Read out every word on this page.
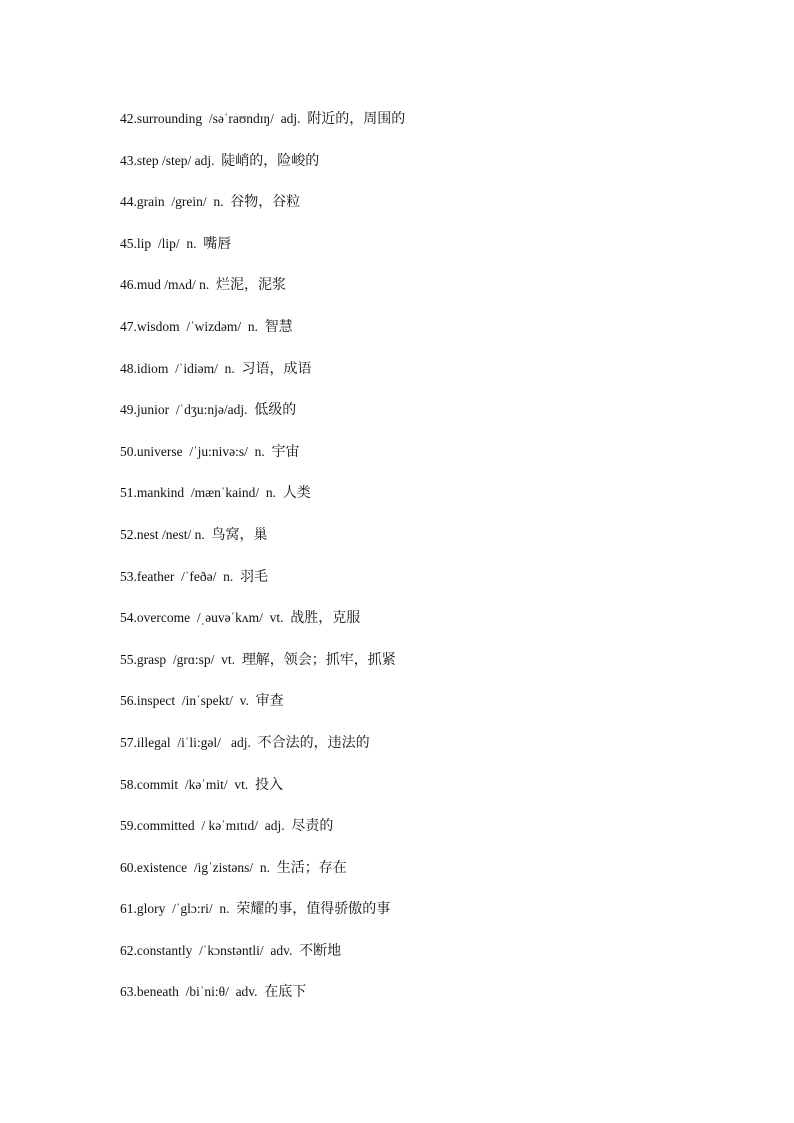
42.surrounding  /səˈraʊndɪŋ/  adj.  附近的，周围的
43.step /step/ adj.  陡峭的，险峻的
44.grain  /grein/  n.  谷物，谷粒
45.lip  /lip/  n.  嘴唇
46.mud /mʌd/ n.  烂泥，泥浆
47.wisdom  /ˈwizdəm/  n.  智慧
48.idiom  /ˈidiəm/  n.  习语，成语
49.junior  /ˈdʒu:njə/adj.  低级的
50.universe  /ˈju:nivə:s/  n.  宇宙
51.mankind  /mænˈkaind/  n.  人类
52.nest /nest/ n.  鸟窝，巢
53.feather  /ˈfeðə/  n.  羽毛
54.overcome  /ˌəuvəˈkʌm/  vt.  战胜，克服
55.grasp  /grɑ:sp/  vt.  理解，领会；抓牢，抓紧
56.inspect  /inˈspekt/  v.  审查
57.illegal  /iˈli:gəl/   adj.  不合法的，违法的
58.commit  /kəˈmit/  vt.  投入
59.committed  / kəˈmɪtɪd/  adj.  尽责的
60.existence  /igˈzistəns/  n.  生活；存在
61.glory  /ˈglɔ:ri/  n.  荣耀的事，值得骄傲的事
62.constantly  /ˈkɔnstəntli/  adv.  不断地
63.beneath  /biˈni:θ/  adv.  在底下
